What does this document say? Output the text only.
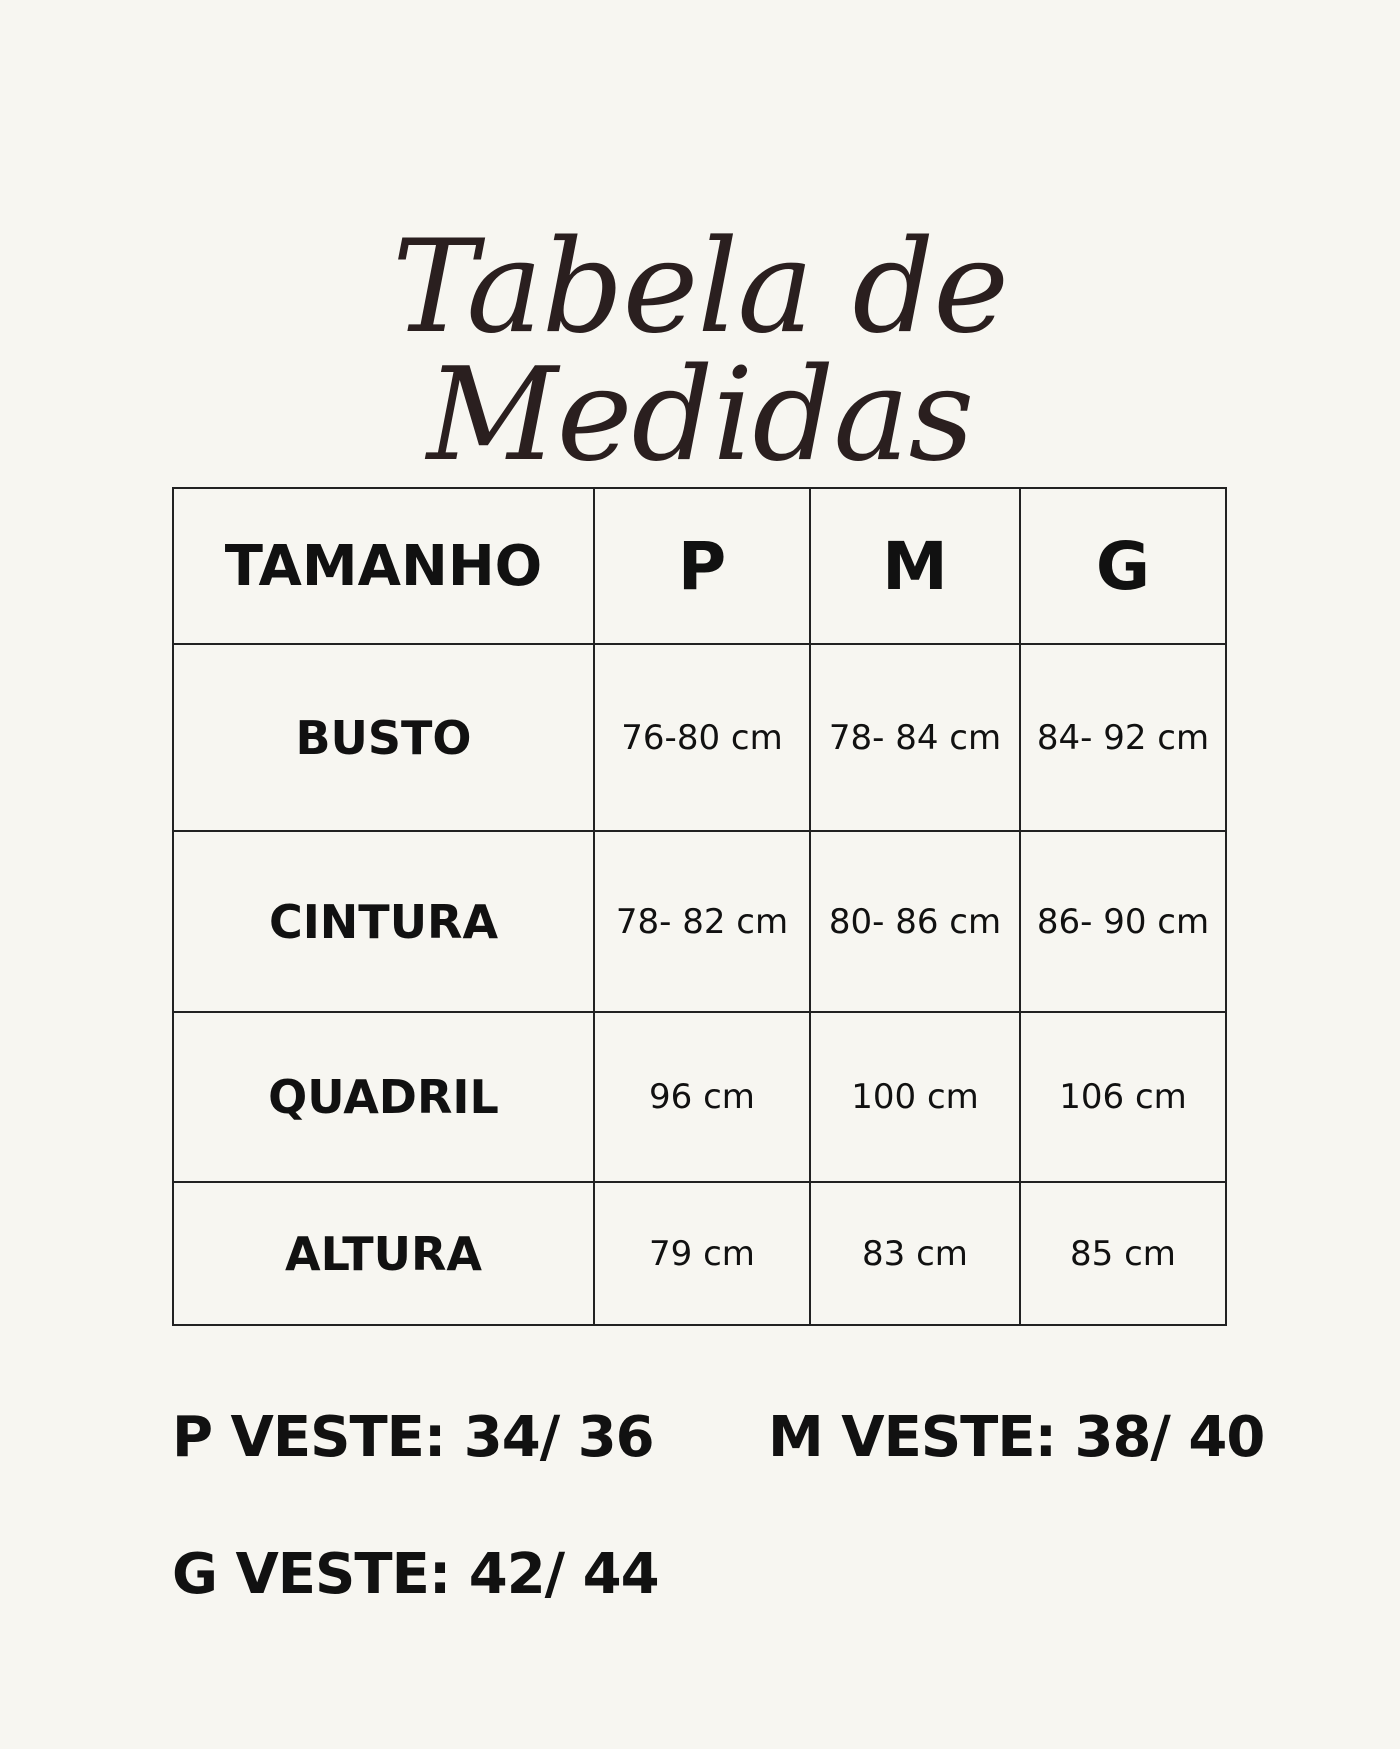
Tabela de
Medidas
TAMANHO	P	M	G
BUSTO	76-80 cm	78- 84 cm	84- 92 cm
CINTURA	78- 82 cm	80- 86 cm	86- 90 cm
QUADRIL	96 cm	100 cm	106 cm
ALTURA	79 cm	83 cm	85 cm
P VESTE: 34/ 36 M VESTE: 38/ 40
G VESTE: 42/ 44
